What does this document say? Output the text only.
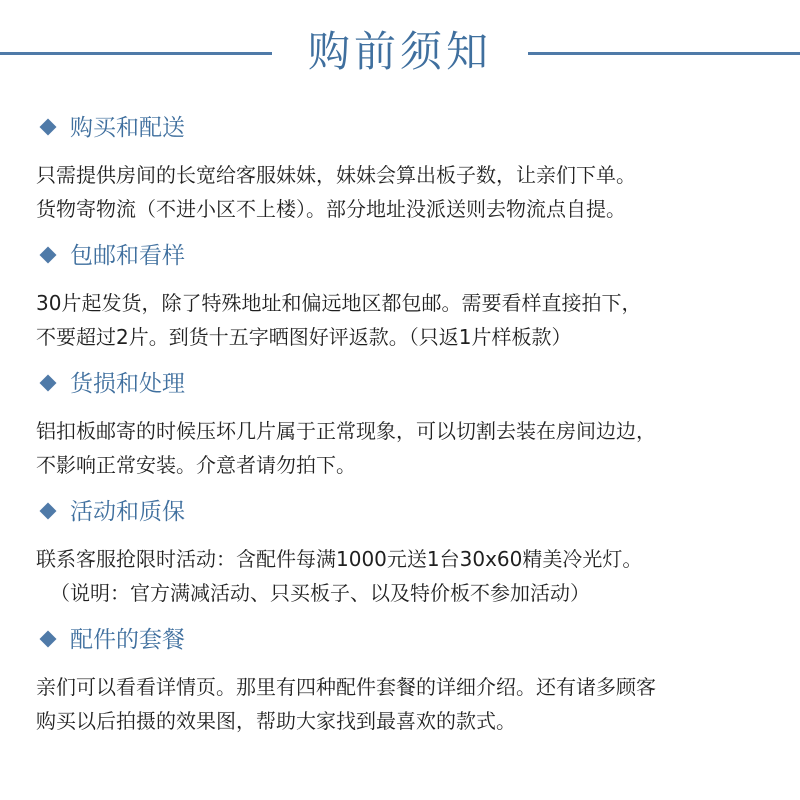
购前须知
购买和配送
只需提供房间的长宽给客服妹妹，妹妹会算出板子数，让亲们下单。
货物寄物流（不进小区不上楼）。部分地址没派送则去物流点自提。
包邮和看样
30片起发货，除了特殊地址和偏远地区都包邮。需要看样直接拍下，
不要超过2片。到货十五字晒图好评返款。（只返1片样板款）
货损和处理
铝扣板邮寄的时候压坏几片属于正常现象，可以切割去装在房间边边，
不影响正常安装。介意者请勿拍下。
活动和质保
联系客服抢限时活动：含配件每满1000元送1台30x60精美冷光灯。
（说明：官方满减活动、只买板子、以及特价板不参加活动）
配件的套餐
亲们可以看看详情页。那里有四种配件套餐的详细介绍。还有诸多顾客
购买以后拍摄的效果图，帮助大家找到最喜欢的款式。
